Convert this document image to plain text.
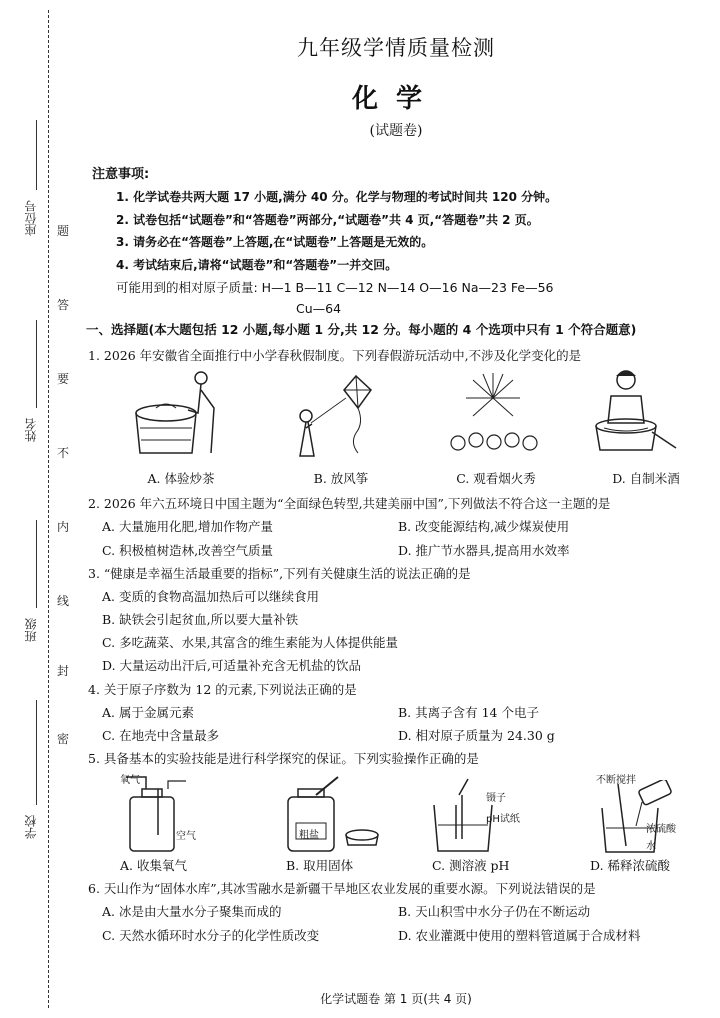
座位号
姓名
班级
学校
题
答
要
不
内
线
封
密
九年级学情质量检测
化学
(试题卷)
注意事项:
1. 化学试卷共两大题 17 小题,满分 40 分。化学与物理的考试时间共 120 分钟。
2. 试卷包括“试题卷”和“答题卷”两部分,“试题卷”共 4 页,“答题卷”共 2 页。
3. 请务必在“答题卷”上答题,在“试题卷”上答题是无效的。
4. 考试结束后,请将“试题卷”和“答题卷”一并交回。
可能用到的相对原子质量: H—1 B—11 C—12 N—14 O—16 Na—23 Fe—56
Cu—64
一、选择题(本大题包括 12 小题,每小题 1 分,共 12 分。每小题的 4 个选项中只有 1 个符合题意)
1. 2026 年安徽省全面推行中小学春秋假制度。下列春假游玩活动中,不涉及化学变化的是
A. 体验炒茶	B. 放风筝	C. 观看烟火秀	D. 自制米酒
2. 2026 年六五环境日中国主题为“全面绿色转型,共建美丽中国”,下列做法不符合这一主题的是
A. 大量施用化肥,增加作物产量	B. 改变能源结构,减少煤炭使用
C. 积极植树造林,改善空气质量	D. 推广节水器具,提高用水效率
3. “健康是幸福生活最重要的指标”,下列有关健康生活的说法正确的是
A. 变质的食物高温加热后可以继续食用
B. 缺铁会引起贫血,所以要大量补铁
C. 多吃蔬菜、水果,其富含的维生素能为人体提供能量
D. 大量运动出汗后,可适量补充含无机盐的饮品
4. 关于原子序数为 12 的元素,下列说法正确的是
A. 属于金属元素	B. 其离子含有 14 个电子
C. 在地壳中含量最多	D. 相对原子质量为 24.30 g
5. 具备基本的实验技能是进行科学探究的保证。下列实验操作正确的是
氧气
空气
A. 收集氧气
粗盐
B. 取用固体
镊子
pH试纸
C. 测溶液 pH
不断搅拌
浓硫酸
水
D. 稀释浓硫酸
6. 天山作为“固体水库”,其冰雪融水是新疆干旱地区农业发展的重要水源。下列说法错误的是
A. 冰是由大量水分子聚集而成的	B. 天山积雪中水分子仍在不断运动
C. 天然水循环时水分子的化学性质改变	D. 农业灌溉中使用的塑料管道属于合成材料
化学试题卷 第 1 页(共 4 页)
